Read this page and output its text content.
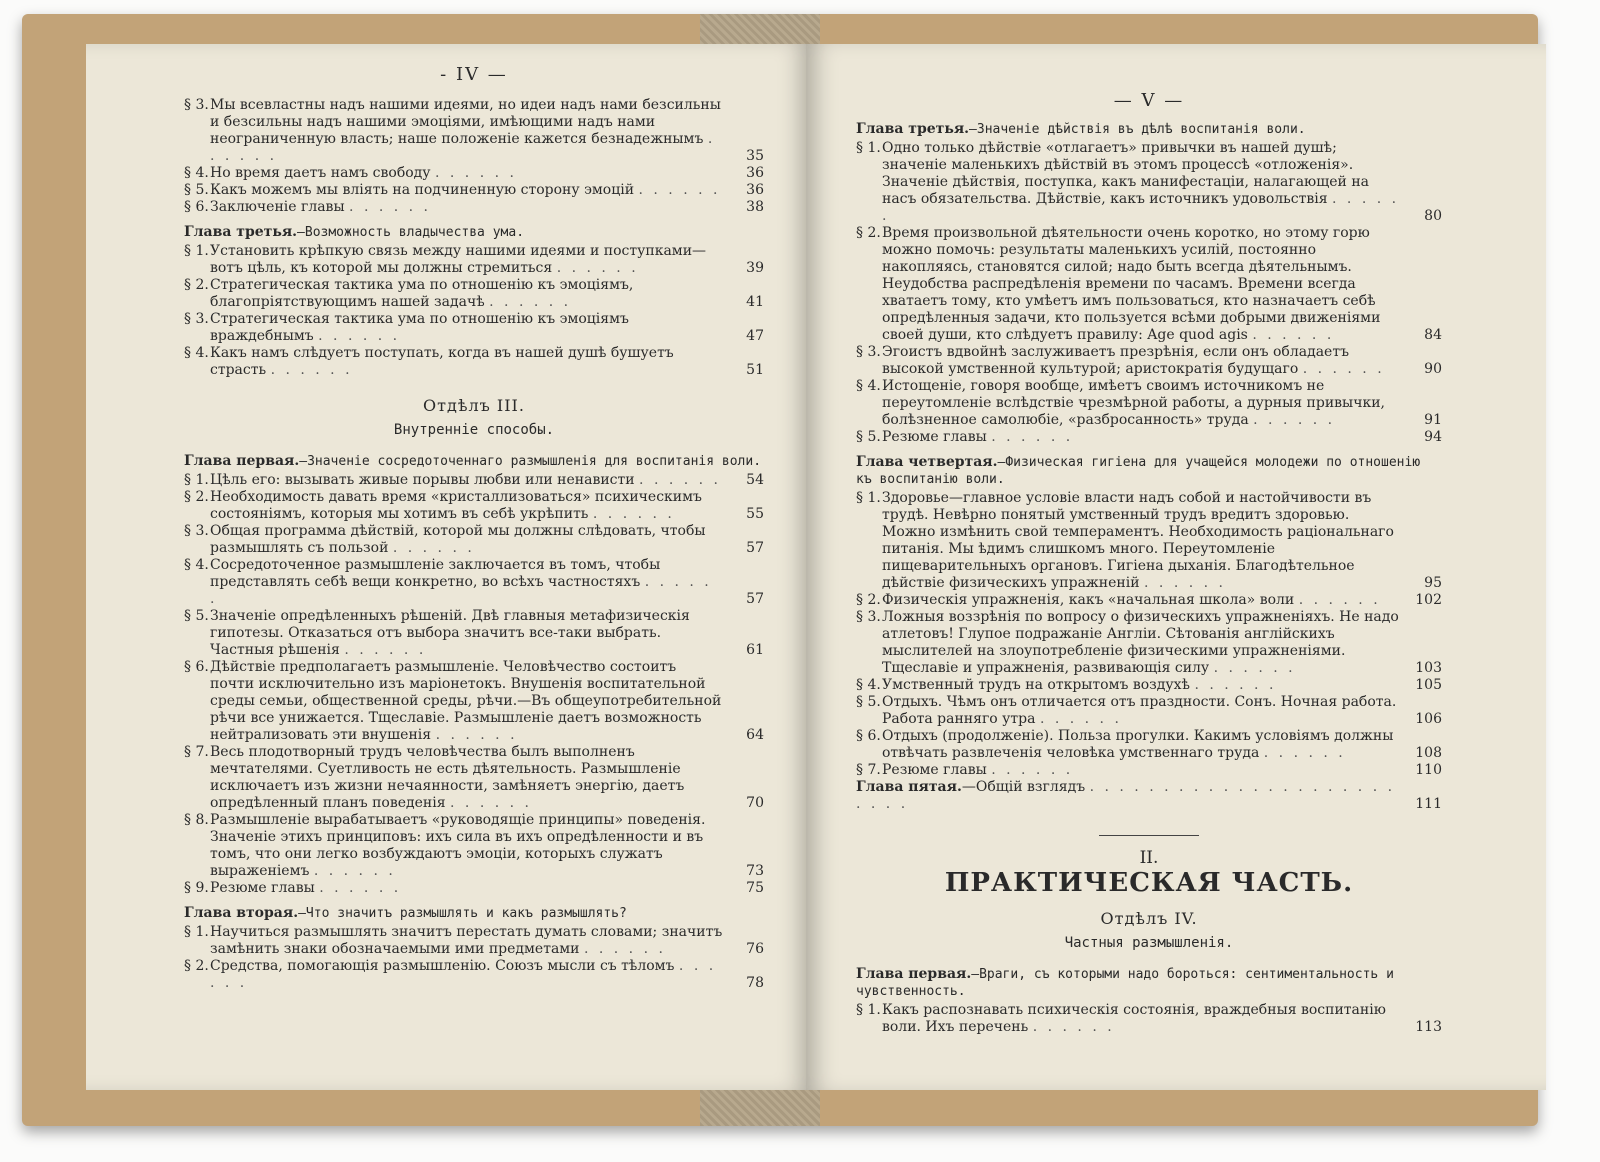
- IV —
§ 3. Мы всевластны надъ нашими идеями, но идеи надъ нами безсильны и безсильны надъ нашими эмоціями, имѣющими надъ нами неограниченную власть; наше положеніе кажется безнадежнымъ . . . . . .	35
§ 4. Но время даетъ намъ свободу . . . . . .	36
§ 5. Какъ можемъ мы вліять на подчиненную сторону эмоцій . . . . . .	36
§ 6. Заключеніе главы . . . . . .	38
Глава третья.—Возможность владычества ума.
§ 1. Установить крѣпкую связь между нашими идеями и поступками—вотъ цѣль, къ которой мы должны стремиться . . . . . .	39
§ 2. Стратегическая тактика ума по отношенію къ эмоціямъ, благопріятствующимъ нашей задачѣ . . . . . .	41
§ 3. Стратегическая тактика ума по отношенію къ эмоціямъ враждебнымъ . . . . . .	47
§ 4. Какъ намъ слѣдуетъ поступать, когда въ нашей душѣ бушуетъ страсть . . . . . .	51
Отдѣлъ III.
Внутренніе способы.
Глава первая.—Значеніе сосредоточеннаго размышленія для воспитанія воли.
§ 1. Цѣль его: вызывать живые порывы любви или ненависти . . . . . .	54
§ 2. Необходимость давать время «кристаллизоваться» психическимъ состояніямъ, которыя мы хотимъ въ себѣ укрѣпить . . . . . .	55
§ 3. Общая программа дѣйствій, которой мы должны слѣдовать, чтобы размышлять съ пользой . . . . . .	57
§ 4. Сосредоточенное размышленіе заключается въ томъ, чтобы представлять себѣ вещи конкретно, во всѣхъ частностяхъ . . . . . .	57
§ 5. Значеніе опредѣленныхъ рѣшеній. Двѣ главныя метафизическія гипотезы. Отказаться отъ выбора значитъ все-таки выбрать. Частныя рѣшенія . . . . . .	61
§ 6. Дѣйствіе предполагаетъ размышленіе. Человѣчество состоитъ почти исключительно изъ маріонетокъ. Внушенія воспитательной среды семьи, общественной среды, рѣчи.—Въ общеупотребительной рѣчи все унижается. Тщеславіе. Размышленіе даетъ возможность нейтрализовать эти внушенія . . . . . .	64
§ 7. Весь плодотворный трудъ человѣчества былъ выполненъ мечтателями. Суетливость не есть дѣятельность. Размышленіе исключаетъ изъ жизни нечаянности, замѣняетъ энергію, даетъ опредѣленный планъ поведенія . . . . . .	70
§ 8. Размышленіе вырабатываетъ «руководящіе принципы» поведенія. Значеніе этихъ принциповъ: ихъ сила въ ихъ опредѣленности и въ томъ, что они легко возбуждаютъ эмоціи, которыхъ служатъ выраженіемъ . . . . . .	73
§ 9. Резюме главы . . . . . .	75
Глава вторая.—Что значитъ размышлять и какъ размышлять?
§ 1. Научиться размышлять значитъ перестать думать словами; значитъ замѣнить знаки обозначаемыми ими предметами . . . . . .	76
§ 2. Средства, помогающія размышленію. Союзъ мысли съ тѣломъ . . . . . .	78
— V —
Глава третья.—Значеніе дѣйствія въ дѣлѣ воспитанія воли.
§ 1. Одно только дѣйствіе «отлагаетъ» привычки въ нашей душѣ; значеніе маленькихъ дѣйствій въ этомъ процессѣ «отложенія». Значеніе дѣйствія, поступка, какъ манифестаціи, налагающей на насъ обязательства. Дѣйствіе, какъ источникъ удовольствія . . . . . .	80
§ 2. Время произвольной дѣятельности очень коротко, но этому горю можно помочь: результаты маленькихъ усилій, постоянно накопляясь, становятся силой; надо быть всегда дѣятельнымъ. Неудобства распредѣленія времени по часамъ. Времени всегда хватаетъ тому, кто умѣетъ имъ пользоваться, кто назначаетъ себѣ опредѣленныя задачи, кто пользуется всѣми добрыми движеніями своей души, кто слѣдуетъ правилу: Age quod agis . . . . . .	84
§ 3. Эгоистъ вдвойнѣ заслуживаетъ презрѣнія, если онъ обладаетъ высокой умственной культурой; аристократія будущаго . . . . . .	90
§ 4. Истощеніе, говоря вообще, имѣетъ своимъ источникомъ не переутомленіе вслѣдствіе чрезмѣрной работы, а дурныя привычки, болѣзненное самолюбіе, «разбросанность» труда . . . . . .	91
§ 5. Резюме главы . . . . . .	94
Глава четвертая.—Физическая гигіена для учащейся молодежи по отношенію къ воспитанію воли.
§ 1. Здоровье—главное условіе власти надъ собой и настойчивости въ трудѣ. Невѣрно понятый умственный трудъ вредитъ здоровью. Можно измѣнить свой темпераментъ. Необходимость раціональнаго питанія. Мы ѣдимъ слишкомъ много. Переутомленіе пищеварительныхъ органовъ. Гигіена дыханія. Благодѣтельное дѣйствіе физическихъ упражненій . . . . . .	95
§ 2. Физическія упражненія, какъ «начальная школа» воли . . . . . .	102
§ 3. Ложныя воззрѣнія по вопросу о физическихъ упражненіяхъ. Не надо атлетовъ! Глупое подражаніе Англіи. Сѣтованія англійскихъ мыслителей на злоупотребленіе физическими упражненіями. Тщеславіе и упражненія, развивающія силу . . . . . .	103
§ 4. Умственный трудъ на открытомъ воздухѣ . . . . . .	105
§ 5. Отдыхъ. Чѣмъ онъ отличается отъ праздности. Сонъ. Ночная работа. Работа ранняго утра . . . . . .	106
§ 6. Отдыхъ (продолженіе). Польза прогулки. Какимъ условіямъ должны отвѣчать развлеченія человѣка умственнаго труда . . . . . .	108
§ 7. Резюме главы . . . . . .	110
Глава пятая.—Общій взглядъ . . . . . . . . . . . . . . . . . . . . . . . . .	111
II.
ПРАКТИЧЕСКАЯ ЧАСТЬ.
Отдѣлъ IV.
Частныя размышленія.
Глава первая.—Враги, съ которыми надо бороться: сентиментальность и чувственность.
§ 1. Какъ распознавать психическія состоянія, враждебныя воспитанію воли. Ихъ перечень . . . . . .	113
